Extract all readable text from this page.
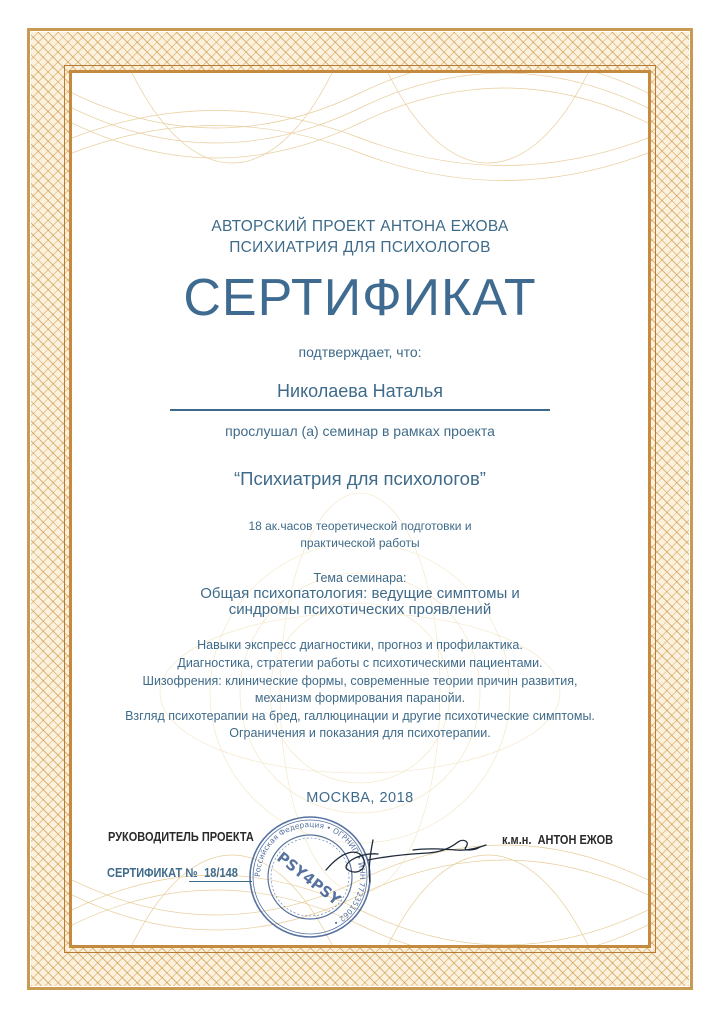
АВТОРСКИЙ ПРОЕКТ АНТОНА ЕЖОВА
ПСИХИАТРИЯ ДЛЯ ПСИХОЛОГОВ
СЕРТИФИКАТ
подтверждает, что:
Николаева Наталья
прослушал (а) семинар в рамках проекта
“Психиатрия для психологов”
18 ак.часов теоретической подготовки и
практической работы
Тема семинара:
Общая психопатология: ведущие симптомы и
синдромы психотических проявлений
Навыки экспресс диагностики, прогноз и профилактика.
Диагностика, стратегии работы с психотическими пациентами.
Шизофрения: клинические формы, современные теории причин развития,
механизм формирования паранойи.
Взгляд психотерапии на бред, галлюцинации и другие психотические симптомы.
Ограничения и показания для психотерапии.
МОСКВА, 2018
РУКОВОДИТЕЛЬ ПРОЕКТА
СЕРТИФИКАТ № 18/148
к.м.н. АНТОН ЕЖОВ
Российская Федерация • ОГРНИП • ИНН 772351062 •
PSY4PSY
